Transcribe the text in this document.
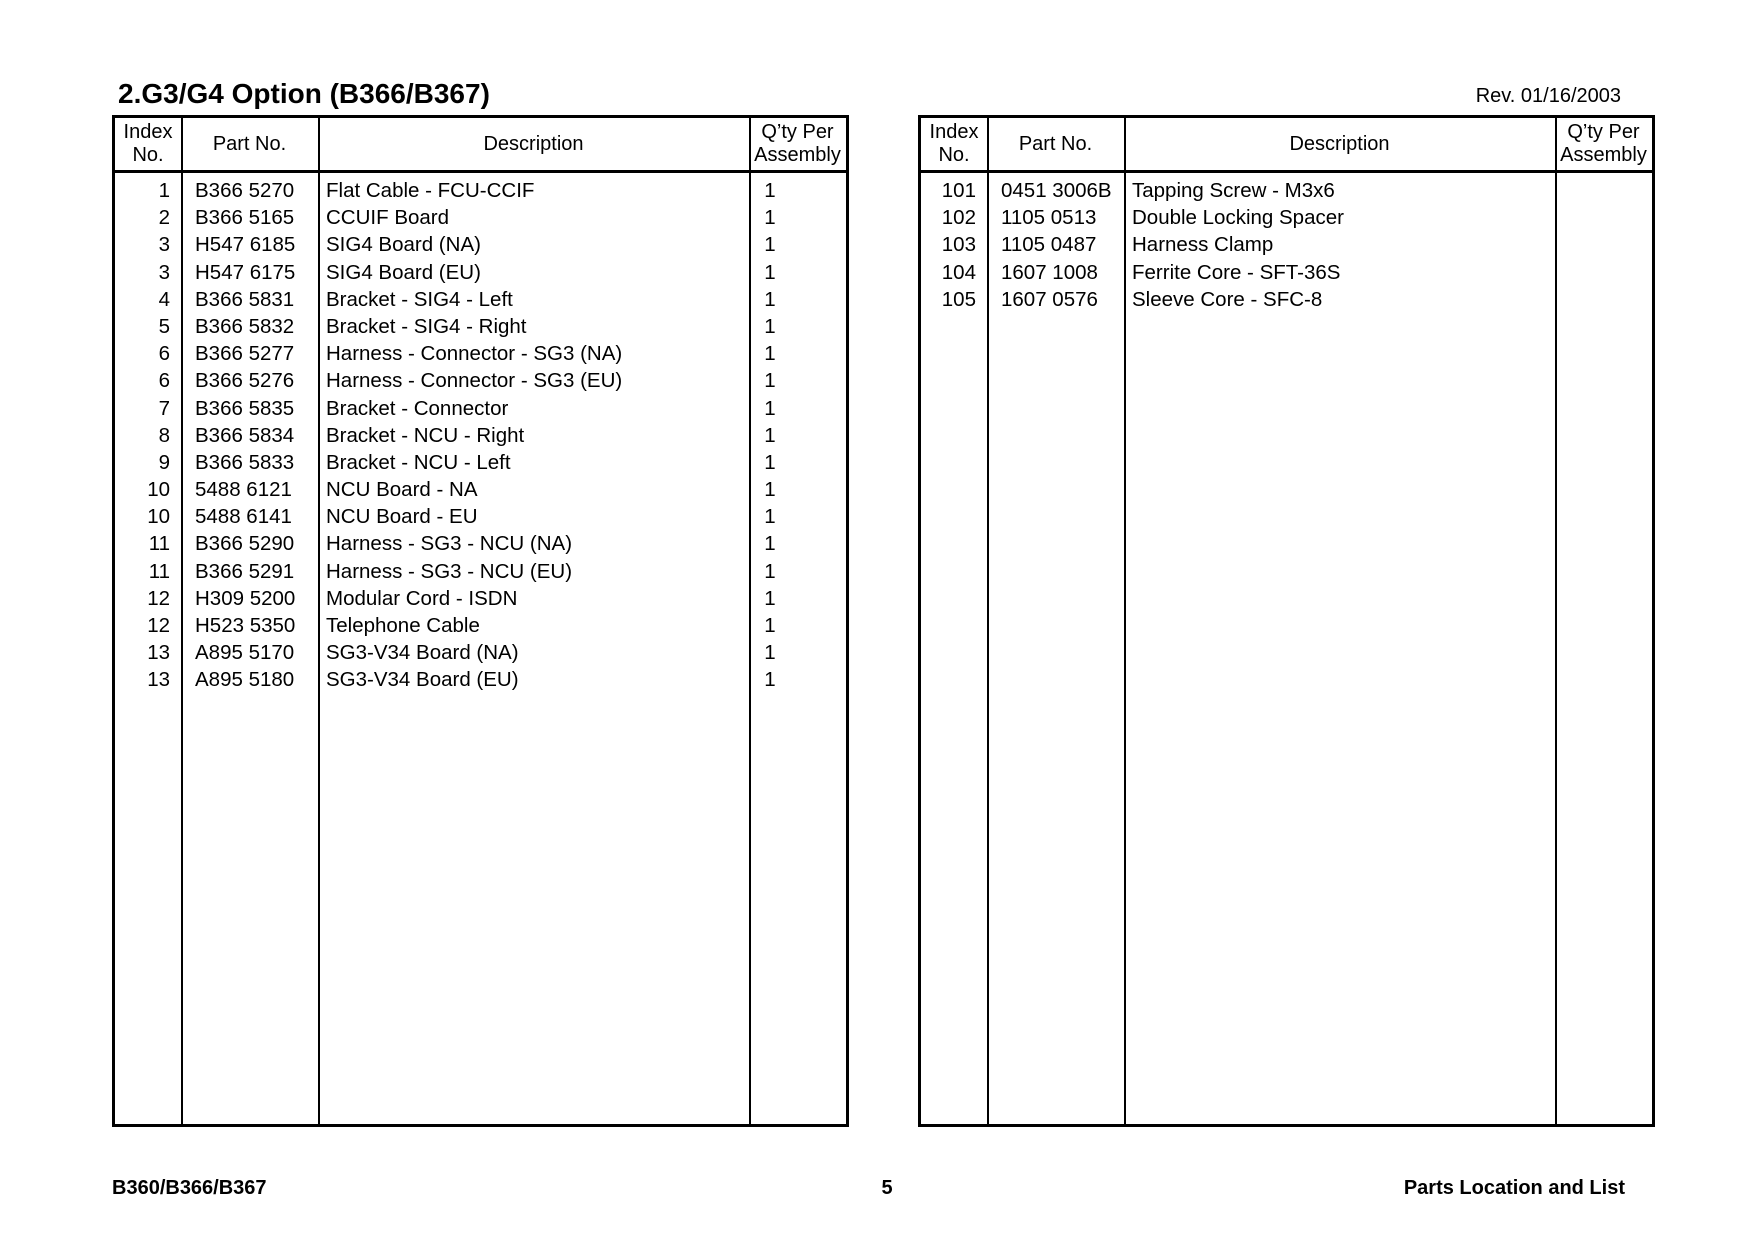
2.G3/G4 Option (B366/B367)	Rev. 01/16/2003
Index
No.
Part No.	Description
Q’ty Per
Assembly
1 B366 5270 Flat Cable - FCU-CCIF	1
2 B366 5165 CCUIF Board	1
3 H547 6185 SIG4 Board (NA)	1
3 H547 6175 SIG4 Board (EU)	1
4 B366 5831 Bracket - SIG4 - Left	1
5 B366 5832 Bracket - SIG4 - Right	1
6 B366 5277 Harness - Connector - SG3 (NA)	1
6 B366 5276 Harness - Connector - SG3 (EU)	1
7 B366 5835 Bracket - Connector	1
8 B366 5834 Bracket - NCU - Right	1
9 B366 5833 Bracket - NCU - Left	1
10 5488 6121 NCU Board - NA	1
10 5488 6141 NCU Board - EU	1
11 B366 5290 Harness - SG3 - NCU (NA)	1
11 B366 5291 Harness - SG3 - NCU (EU)	1
12 H309 5200 Modular Cord - ISDN	1
12 H523 5350 Telephone Cable	1
13 A895 5170 SG3-V34 Board (NA)	1
13 A895 5180 SG3-V34 Board (EU)	1
Index
No.
Part No.	Description
Q’ty Per
Assembly
101 0451 3006B Tapping Screw - M3x6
102 1105 0513 Double Locking Spacer
103 1105 0487 Harness Clamp
104 1607 1008 Ferrite Core - SFT-36S
105 1607 0576 Sleeve Core - SFC-8
B360/B366/B367	5	Parts Location and List
